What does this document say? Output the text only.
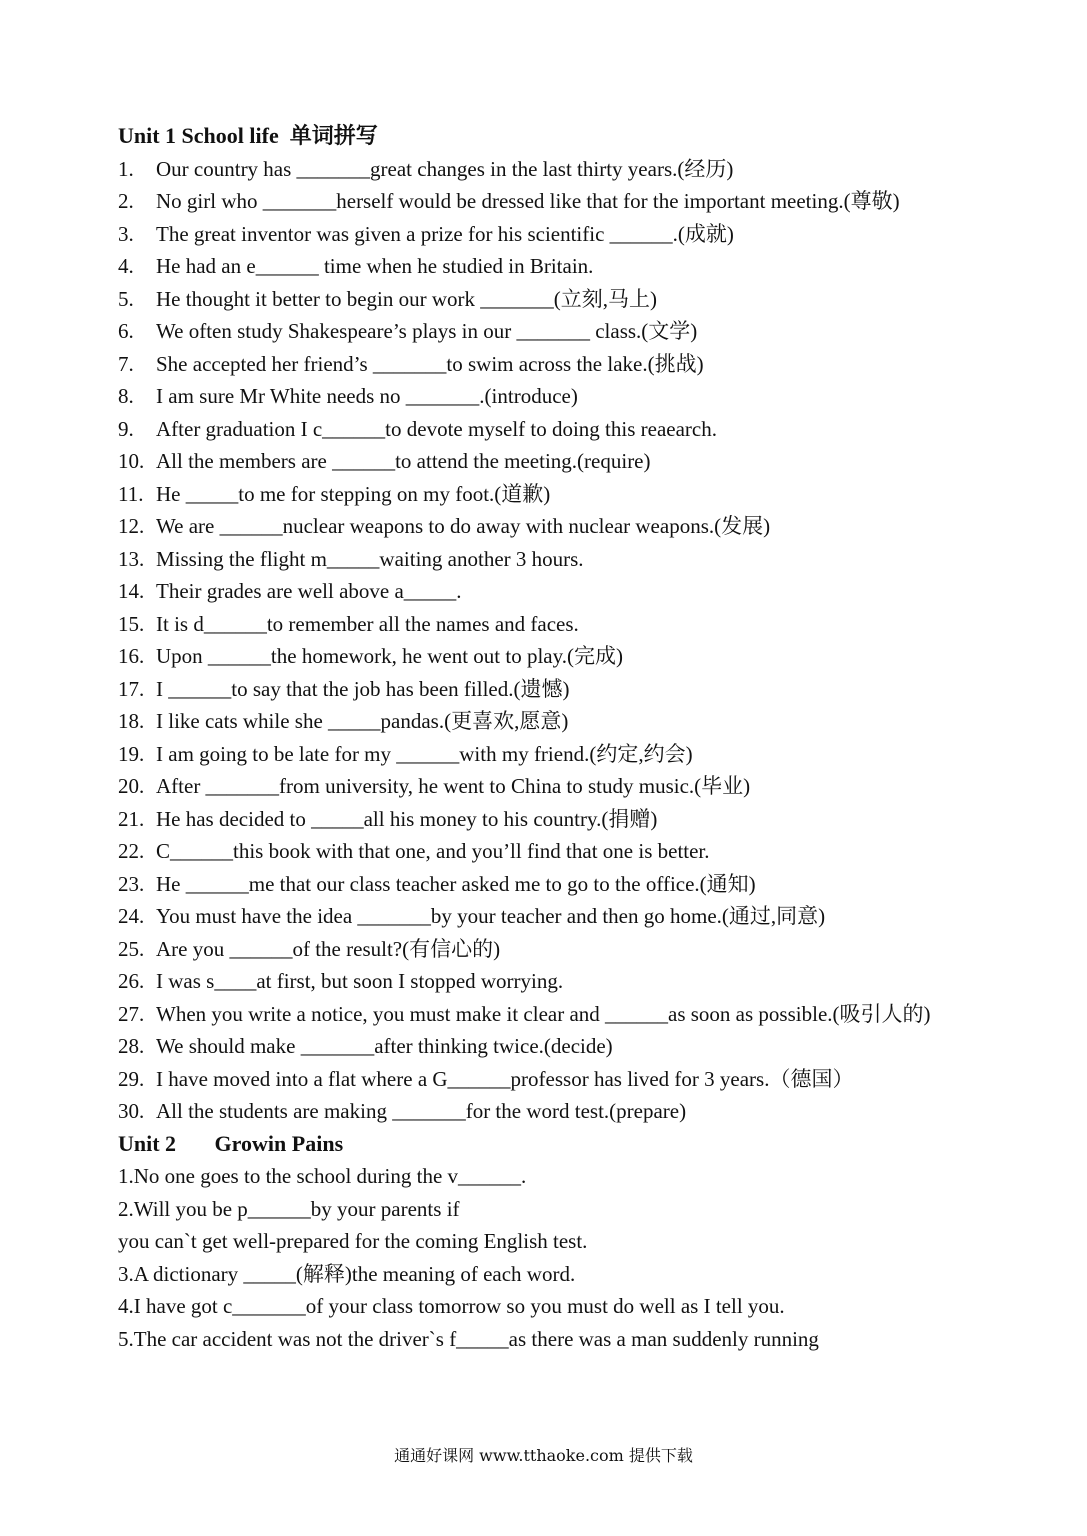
Unit 1 School life  单词拼写
1.	Our country has _______great changes in the last thirty years.(经历)
2.	No girl who _______herself would be dressed like that for the important meeting.(尊敬)
3.	The great inventor was given a prize for his scientific ______.(成就)
4.	He had an e______ time when he studied in Britain.
5.	He thought it better to begin our work _______(立刻,马上)
6.	We often study Shakespeare’s plays in our _______ class.(文学)
7.	She accepted her friend’s _______to swim across the lake.(挑战)
8.	I am sure Mr White needs no _______.(introduce)
9.	After graduation I c______to devote myself to doing this reaearch.
10. All the members are ______to attend the meeting.(require)
11. He _____to me for stepping on my foot.(道歉)
12. We are ______nuclear weapons to do away with nuclear weapons.(发展)
13. Missing the flight m_____waiting another 3 hours.
14. Their grades are well above a_____.
15. It is d______to remember all the names and faces.
16. Upon ______the homework, he went out to play.(完成)
17. I ______to say that the job has been filled.(遗憾)
18. I like cats while she _____pandas.(更喜欢,愿意)
19. I am going to be late for my ______with my friend.(约定,约会)
20. After _______from university, he went to China to study music.(毕业)
21. He has decided to _____all his money to his country.(捐赠)
22. C______this book with that one, and you’ll find that one is better.
23. He ______me that our class teacher asked me to go to the office.(通知)
24. You must have the idea _______by your teacher and then go home.(通过,同意)
25. Are you ______of the result?(有信心的)
26. I was s____at first, but soon I stopped worrying.
27. When you write a notice, you must make it clear and ______as soon as possible.(吸引人的)
28. We should make _______after thinking twice.(decide)
29. I have moved into a flat where a G______professor has lived for 3 years.（德国）
30. All the students are making _______for the word test.(prepare)
Unit 2       Growin Pains
1.No one goes to the school during the v______.
2.Will you be p______by your parents if
you can`t get well-prepared for the coming English test.
3.A dictionary _____(解释)the meaning of each word.
4.I have got c_______of your class tomorrow so you must do well as I tell you.
5.The car accident was not the driver`s f_____as there was a man suddenly running
通通好课网 www.tthaoke.com 提供下载
